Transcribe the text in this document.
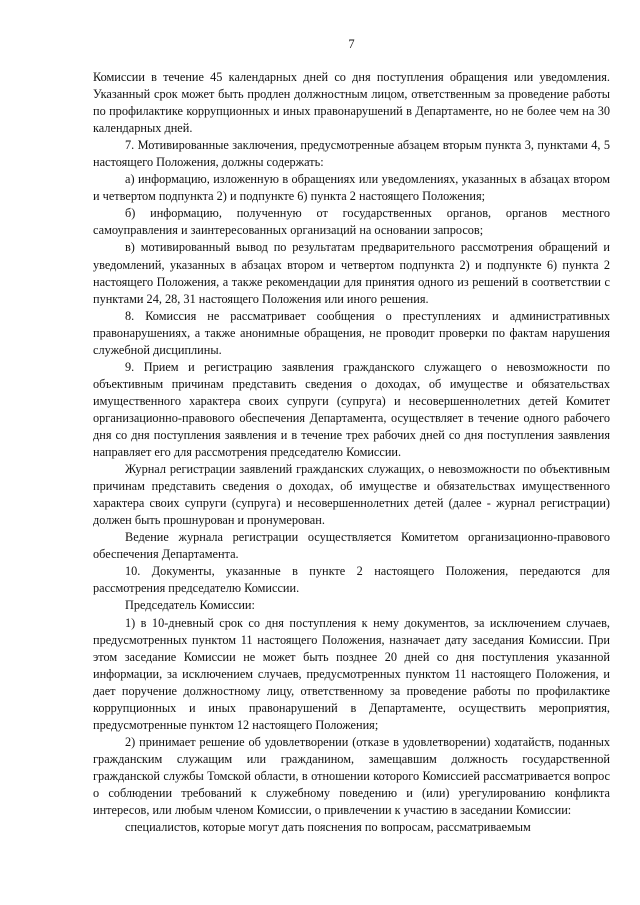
7

Комиссии в течение 45 календарных дней со дня поступления обращения или уведомления. Указанный срок может быть продлен должностным лицом, ответственным за проведение работы по профилактике коррупционных и иных правонарушений в Департаменте, но не более чем на 30 календарных дней.

7. Мотивированные заключения, предусмотренные абзацем вторым пункта 3, пунктами 4, 5 настоящего Положения, должны содержать:

а) информацию, изложенную в обращениях или уведомлениях, указанных в абзацах втором и четвертом подпункта 2) и подпункте 6) пункта 2 настоящего Положения;

б) информацию, полученную от государственных органов, органов местного самоуправления и заинтересованных организаций на основании запросов;

в) мотивированный вывод по результатам предварительного рассмотрения обращений и уведомлений, указанных в абзацах втором и четвертом подпункта 2) и подпункте 6) пункта 2 настоящего Положения, а также рекомендации для принятия одного из решений в соответствии с пунктами 24, 28, 31 настоящего Положения или иного решения.

8. Комиссия не рассматривает сообщения о преступлениях и административных правонарушениях, а также анонимные обращения, не проводит проверки по фактам нарушения служебной дисциплины.

9. Прием и регистрацию заявления гражданского служащего о невозможности по объективным причинам представить сведения о доходах, об имуществе и обязательствах имущественного характера своих супруги (супруга) и несовершеннолетних детей Комитет организационно-правового обеспечения Департамента, осуществляет в течение одного рабочего дня со дня поступления заявления и в течение трех рабочих дней со дня поступления заявления направляет его для рассмотрения председателю Комиссии.

Журнал регистрации заявлений гражданских служащих, о невозможности по объективным причинам представить сведения о доходах, об имуществе и обязательствах имущественного характера своих супруги (супруга) и несовершеннолетних детей (далее - журнал регистрации) должен быть прошнурован и пронумерован.

Ведение журнала регистрации осуществляется Комитетом организационно-правового обеспечения Департамента.

10. Документы, указанные в пункте 2 настоящего Положения, передаются для рассмотрения председателю Комиссии.

Председатель Комиссии:

1) в 10-дневный срок со дня поступления к нему документов, за исключением случаев, предусмотренных пунктом 11 настоящего Положения, назначает дату заседания Комиссии. При этом заседание Комиссии не может быть позднее 20 дней со дня поступления указанной информации, за исключением случаев, предусмотренных пунктом 11 настоящего Положения, и дает поручение должностному лицу, ответственному за проведение работы по профилактике коррупционных и иных правонарушений в Департаменте, осуществить мероприятия, предусмотренные пунктом 12 настоящего Положения;

2) принимает решение об удовлетворении (отказе в удовлетворении) ходатайств, поданных гражданским служащим или гражданином, замещавшим должность государственной гражданской службы Томской области, в отношении которого Комиссией рассматривается вопрос о соблюдении требований к служебному поведению и (или) урегулированию конфликта интересов, или любым членом Комиссии, о привлечении к участию в заседании Комиссии:

специалистов, которые могут дать пояснения по вопросам, рассматриваемым
